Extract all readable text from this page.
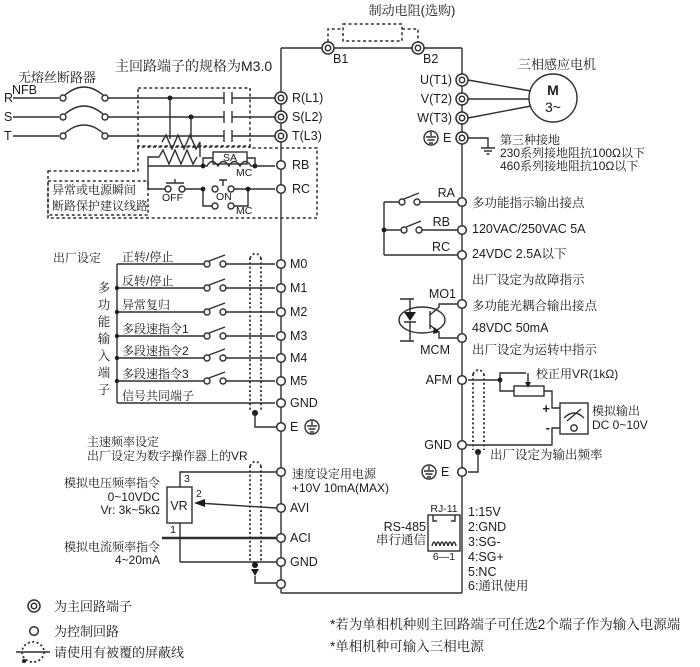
制动电阻(选购)
B1	B2
无熔丝断路器
NFB
R
S
T
主回路端子的规格为M3.0
异常或电源瞬间
断路保护建议线路
SA
MC
OFF	ON
MC
出厂设定
多功能输入端子
正转/停止	M0
反转/停止	M1
异常复归	M2
多段速指令1	M3
多段速指令2	M4
多段速指令3	M5
信号共同端子	GND
E
主速频率设定
出厂设定为数字操作器上的VR
模拟电压频率指令
0~10VDC
Vr: 3k~5kΩ
模拟电流频率指令
4~20mA
VR
3
2
1
速度设定用电源
+10V 10mA(MAX)
AVI
ACI
GND
R(L1)
S(L2)
T(L3)
RB
RC
M
3~
三相感应电机
U(T1)
V(T2)
W(T3)
E	第三种接地
230系列接地阻抗100Ω以下
460系列接地阻抗10Ω以下
RA
RB
RC
多功能指示输出接点
120VAC/250VAC 5A
24VDC 2.5A以下
出厂设定为故障指示
MO1
MCM
多功能光耦合输出接点
48VDC 50mA
出厂设定为运转中指示
校正用VR(1kΩ)
+
-
模拟输出
DC 0~10V
AFM
GND
出厂设定为输出频率
E
RJ-11
6—1
RS-485
串行通信
1:15V
2:GND
3:SG-
4:SG+
5:NC
6:通讯使用
为主回路端子
为控制回路
请使用有被覆的屏蔽线
*若为单相机种则主回路端子可任选2个端子作为输入电源端
*单相机种可输入三相电源
